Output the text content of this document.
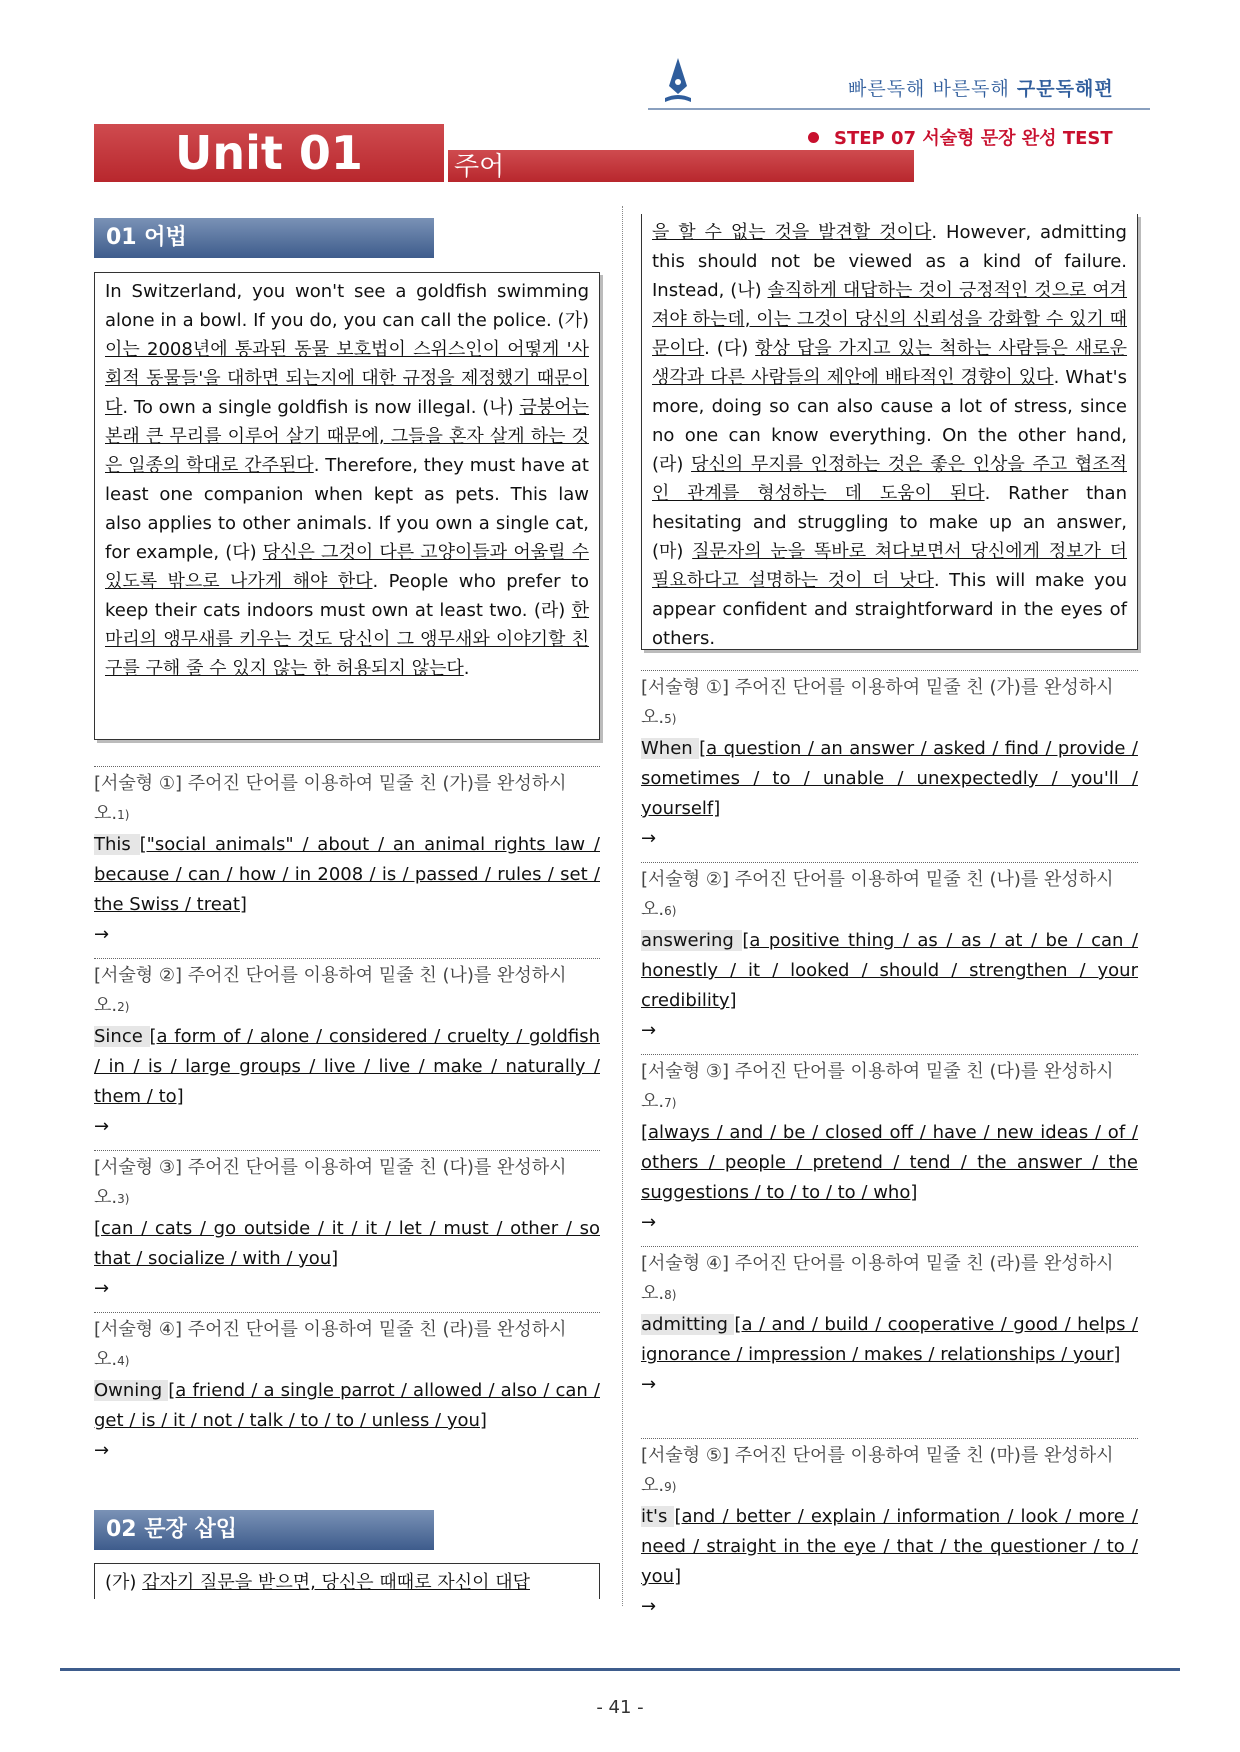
빠른독해 바른독해 구문독해편
Unit 01	주어
STEP 07 서술형 문장 완성 TEST
01 어법
In Switzerland, you won't see a goldfish swimming alone in a bowl. If you do, you can call the police. (가) 이는 2008년에 통과된 동물 보호법이 스위스인이 어떻게 '사회적 동물들'을 대하면 되는지에 대한 규정을 제정했기 때문이다. To own a single goldfish is now illegal. (나) 금붕어는 본래 큰 무리를 이루어 살기 때문에, 그들을 혼자 살게 하는 것은 일종의 학대로 간주된다. Therefore, they must have at least one companion when kept as pets. This law also applies to other animals. If you own a single cat, for example, (다) 당신은 그것이 다른 고양이들과 어울릴 수 있도록 밖으로 나가게 해야 한다. People who prefer to keep their cats indoors must own at least two. (라) 한 마리의 앵무새를 키우는 것도 당신이 그 앵무새와 이야기할 친구를 구해 줄 수 있지 않는 한 허용되지 않는다.
[서술형 ①] 주어진 단어를 이용하여 밑줄 친 (가)를 완성하시오.1)
This ["social animals" / about / an animal rights law / because / can / how / in 2008 / is / passed / rules / set / the Swiss / treat]
→
[서술형 ②] 주어진 단어를 이용하여 밑줄 친 (나)를 완성하시오.2)
Since [a form of / alone / considered / cruelty / goldfish / in / is / large groups / live / live / make / naturally / them / to]
→
[서술형 ③] 주어진 단어를 이용하여 밑줄 친 (다)를 완성하시오.3)
[can / cats / go outside / it / it / let / must / other / so that / socialize / with / you]
→
[서술형 ④] 주어진 단어를 이용하여 밑줄 친 (라)를 완성하시오.4)
Owning [a friend / a single parrot / allowed / also / can / get / is / it / not / talk / to / to / unless / you]
→
02 문장 삽입
(가) 갑자기 질문을 받으면, 당신은 때때로 자신이 대답
을 할 수 없는 것을 발견할 것이다. However, admitting this should not be viewed as a kind of failure. Instead, (나) 솔직하게 대답하는 것이 긍정적인 것으로 여겨져야 하는데, 이는 그것이 당신의 신뢰성을 강화할 수 있기 때문이다. (다) 항상 답을 가지고 있는 척하는 사람들은 새로운 생각과 다른 사람들의 제안에 배타적인 경향이 있다. What's more, doing so can also cause a lot of stress, since no one can know everything. On the other hand, (라) 당신의 무지를 인정하는 것은 좋은 인상을 주고 협조적인 관계를 형성하는 데 도움이 된다. Rather than hesitating and struggling to make up an answer, (마) 질문자의 눈을 똑바로 쳐다보면서 당신에게 정보가 더 필요하다고 설명하는 것이 더 낫다. This will make you appear confident and straightforward in the eyes of others.
[서술형 ①] 주어진 단어를 이용하여 밑줄 친 (가)를 완성하시오.5)
When [a question / an answer / asked / find / provide / sometimes / to / unable / unexpectedly / you'll / yourself]
→
[서술형 ②] 주어진 단어를 이용하여 밑줄 친 (나)를 완성하시오.6)
answering [a positive thing / as / as / at / be / can / honestly / it / looked / should / strengthen / your credibility]
→
[서술형 ③] 주어진 단어를 이용하여 밑줄 친 (다)를 완성하시오.7)
[always / and / be / closed off / have / new ideas / of / others / people / pretend / tend / the answer / the suggestions / to / to / to / who]
→
[서술형 ④] 주어진 단어를 이용하여 밑줄 친 (라)를 완성하시오.8)
admitting [a / and / build / cooperative / good / helps / ignorance / impression / makes / relationships / your]
→
[서술형 ⑤] 주어진 단어를 이용하여 밑줄 친 (마)를 완성하시오.9)
it's [and / better / explain / information / look / more / need / straight in the eye / that / the questioner / to / you]
→
- 41 -
